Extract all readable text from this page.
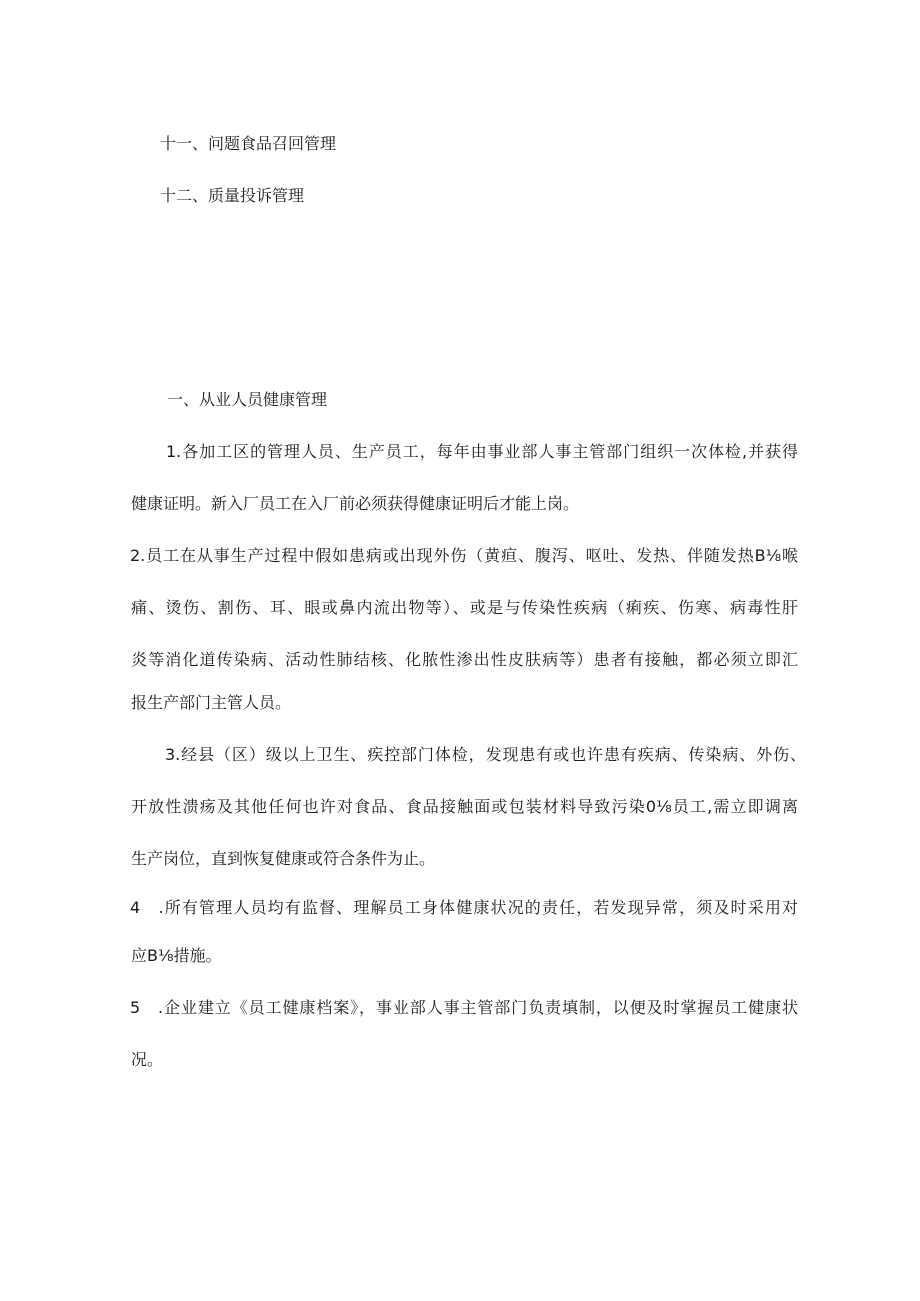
十一、问题食品召回管理
十二、质量投诉管理
一、从业人员健康管理
1.各加工区的管理人员、生产员工，每年由事业部人事主管部门组织一次体检,并获得
健康证明。新入厂员工在入厂前必须获得健康证明后才能上岗。
2.员工在从事生产过程中假如患病或出现外伤（黄疸、腹泻、呕吐、发热、伴随发热B⅛喉
痛、烫伤、割伤、耳、眼或鼻内流出物等）、或是与传染性疾病（痢疾、伤寒、病毒性肝
炎等消化道传染病、活动性肺结核、化脓性渗出性皮肤病等）患者有接触，都必须立即汇
报生产部门主管人员。
3.经县（区）级以上卫生、疾控部门体检，发现患有或也许患有疾病、传染病、外伤、
开放性溃疡及其他任何也许对食品、食品接触面或包装材料导致污染0⅛员工,需立即调离
生产岗位，直到恢复健康或符合条件为止。
4　.所有管理人员均有监督、理解员工身体健康状况的责任，若发现异常，须及时采用对
应B⅛措施。
5　.企业建立《员工健康档案》，事业部人事主管部门负责填制，以便及时掌握员工健康状
况。
